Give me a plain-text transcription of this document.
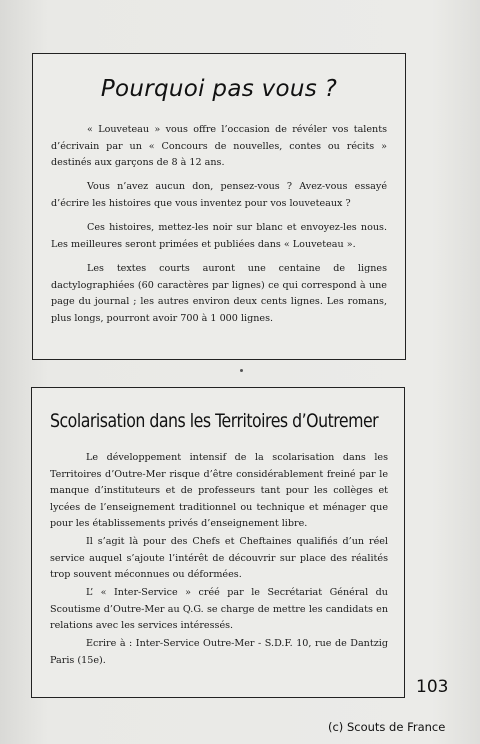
Pourquoi pas vous ?

« Louveteau » vous offre l’occasion de révéler vos talents d’écrivain par un « Concours de nouvelles, contes ou récits » destinés aux garçons de 8 à 12 ans.

Vous n’avez aucun don, pensez-vous ? Avez-vous essayé d’écrire les histoires que vous inventez pour vos louveteaux ?

Ces histoires, mettez-les noir sur blanc et envoyez-les nous. Les meilleures seront primées et publiées dans « Louveteau ».

Les textes courts auront une centaine de lignes dactylographiées (60 caractères par lignes) ce qui correspond à une page du journal ; les autres environ deux cents lignes. Les romans, plus longs, pourront avoir 700 à 1 000 lignes.

Scolarisation dans les Territoires d’Outremer

Le développement intensif de la scolarisation dans les Territoires d’Outre-Mer risque d’être considérablement freiné par le manque d’instituteurs et de professeurs tant pour les collèges et lycées de l’enseignement traditionnel ou technique et ménager que pour les établissements privés d’enseignement libre.

Il s’agit là pour des Chefs et Cheftaines qualifiés d’un réel service auquel s’ajoute l’intérêt de découvrir sur place des réalités trop souvent méconnues ou déformées.

L’ « Inter-Service » créé par le Secrétariat Général du Scoutisme d’Outre-Mer au Q.G. se charge de mettre les candidats en relations avec les services intéressés.

Ecrire à : Inter-Service Outre-Mer - S.D.F. 10, rue de Dantzig Paris (15e).

103
(c) Scouts de France
